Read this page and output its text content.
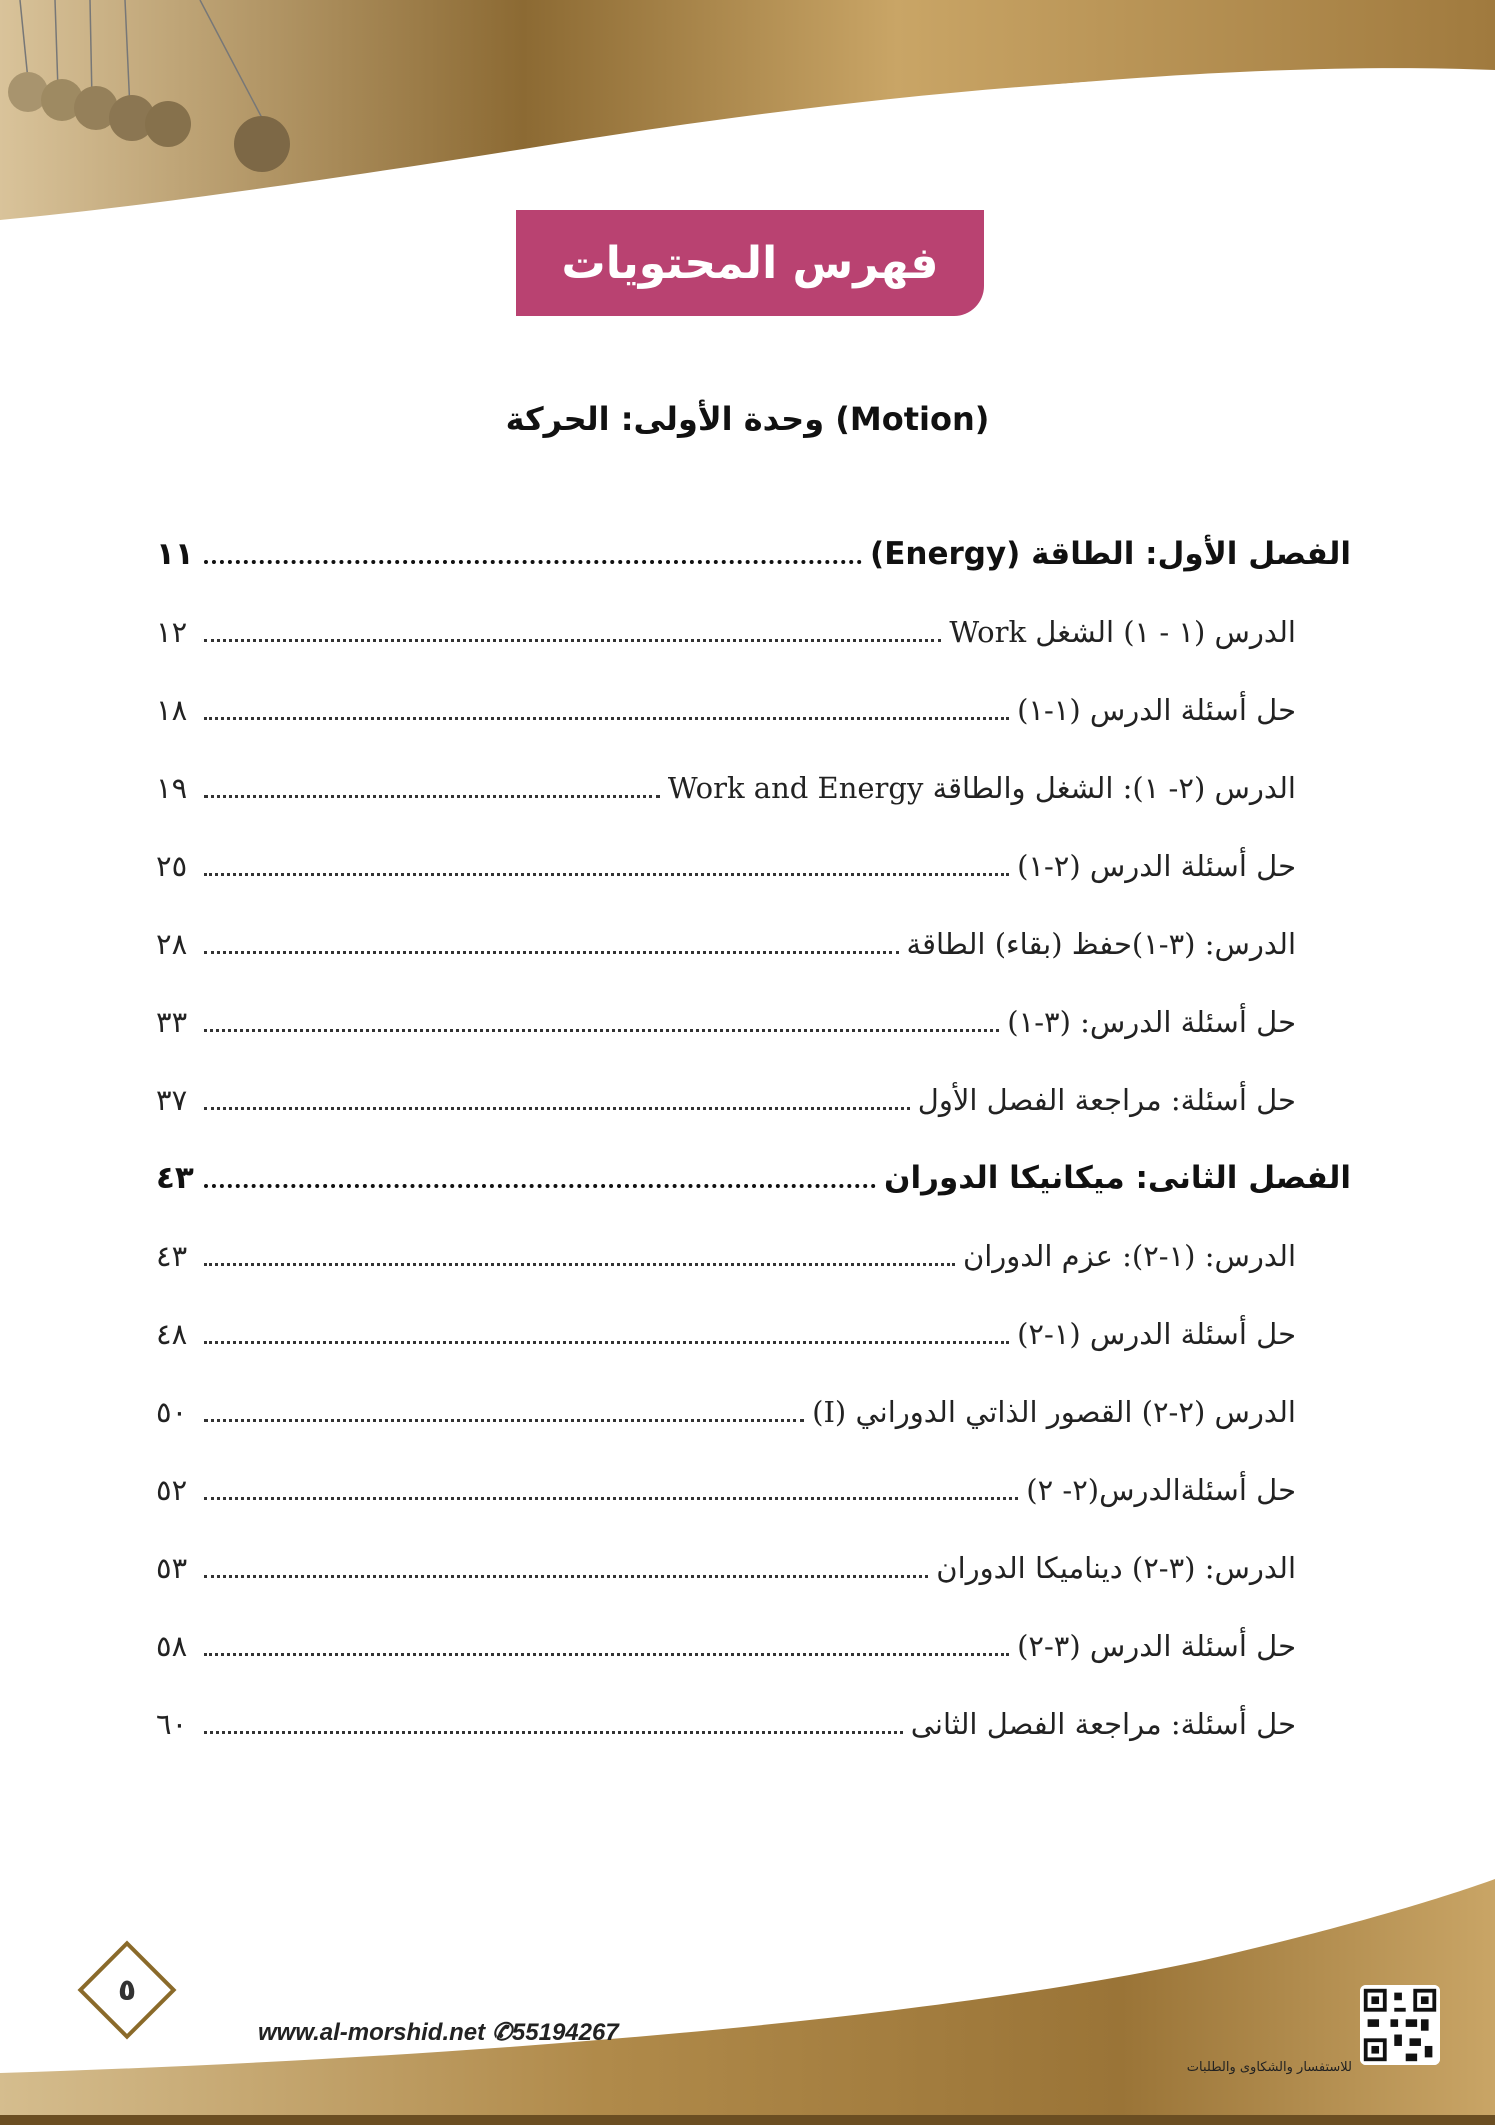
فهرس المحتويات
وحدة الأولى: الحركة (Motion)
الفصل الأول: الطاقة (Energy)
١١
الدرس (١ - ١) الشغل Work
١٢
حل أسئلة الدرس (١-١)
١٨
الدرس (٢- ١): الشغل والطاقة Work and Energy
١٩
حل أسئلة الدرس (٢-١)
٢٥
الدرس: (٣-١)حفظ (بقاء) الطاقة
٢٨
حل أسئلة الدرس: (٣-١)
٣٣
حل أسئلة: مراجعة الفصل الأول
٣٧
الفصل الثانى: ميكانيكا الدوران
٤٣
الدرس: (١-٢): عزم الدوران
٤٣
حل أسئلة الدرس (١-٢)
٤٨
الدرس (٢-٢) القصور الذاتي الدوراني (I)
٥٠
حل أسئلةالدرس(٢- ٢)
٥٢
الدرس: (٣-٢) ديناميكا الدوران
٥٣
حل أسئلة الدرس (٣-٢)
٥٨
حل أسئلة: مراجعة الفصل الثانى
٦٠
٥
www.al-morshid.net ✆55194267
للاستفسار والشكاوى والطلبات
